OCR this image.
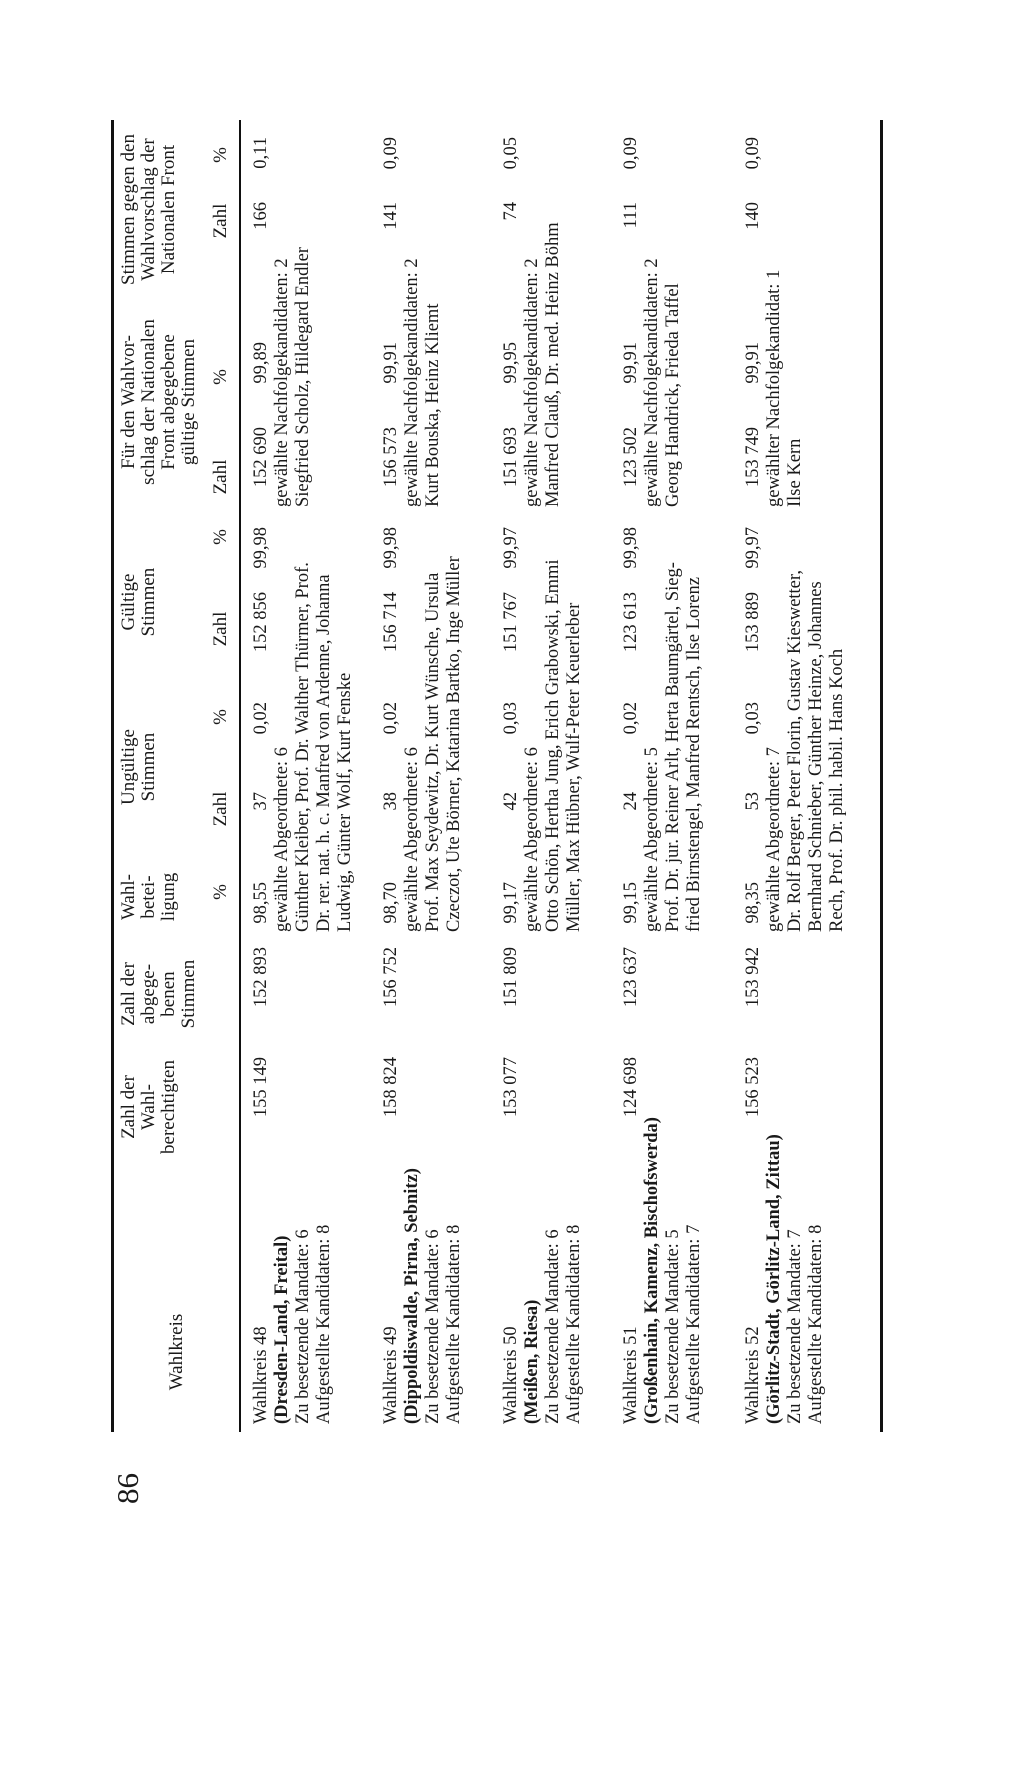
86
Wahlkreis
Zahl der
Wahl-
berechtigten
Zahl der
abgege-
benen
Stimmen
Wahl-
betei-
ligung %
Ungültige
Stimmen
Zahl
%
Gültige
Stimmen	Zahl
%
Für den Wahlvor-
schlag der Nationalen
Front abgegebene
gültige Stimmen
Zahl
%
Stimmen gegen den
Wahlvorschlag der
Nationalen Front
Zahl
%
Wahlkreis 48 (Dresden-Land, Freital) Zu besetzende Mandate: 6 Aufgestellte Kandidaten: 8
155 149
152 893
98,55
37
0,02
152 856
99,98
152 690
99,89
166
0,11
gewählte Abgeordnete: 6 Günther Kleiber, Prof. Dr. Walther Thürmer, Prof. Dr. rer. nat. h. c. Manfred von Ardenne, Johanna Ludwig, Günter Wolf, Kurt Fenske
gewählte Nachfolgekandidaten: 2 Siegfried Scholz, Hildegard Endler
Wahlkreis 49 (Dippoldiswalde, Pirna, Sebnitz) Zu besetzende Mandate: 6 Aufgestellte Kandidaten: 8
158 824
156 752
98,70
38
0,02
156 714
99,98
156 573
99,91
141
0,09
gewählte Abgeordnete: 6 Prof. Max Seydewitz, Dr. Kurt Wünsche, Ursula Czeczot, Ute Börner, Katarina Bartko, Inge Müller
gewählte Nachfolgekandidaten: 2 Kurt Bouska, Heinz Kliemt
Wahlkreis 50 (Meißen, Riesa) Zu besetzende Mandate: 6 Aufgestellte Kandidaten: 8
153 077
151 809
99,17
42
0,03
151 767
99,97
151 693
99,95
74
0,05
gewählte Abgeordnete: 6 Otto Schön, Hertha Jung, Erich Grabowski, Emmi Müller, Max Hübner, Wulf-Peter Keuerleber
gewählte Nachfolgekandidaten: 2 Manfred Clauß, Dr. med. Heinz Böhm
Wahlkreis 51 (Großenhain, Kamenz, Bischofswerda) Zu besetzende Mandate: 5 Aufgestellte Kandidaten: 7
124 698
123 637
99,15
24
0,02
123 613
99,98
123 502
99,91
111
0,09
gewählte Abgeordnete: 5 Prof. Dr. jur. Reiner Arlt, Herta Baumgärtel, Sieg- fried Birnstengel, Manfred Rentsch, Ilse Lorenz
gewählte Nachfolgekandidaten: 2 Georg Handrick, Frieda Taffel
Wahlkreis 52 (Görlitz-Stadt, Görlitz-Land, Zittau) Zu besetzende Mandate: 7 Aufgestellte Kandidaten: 8
156 523
153 942
98,35
53
0,03
153 889
99,97
153 749
99,91
140
0,09
gewählte Abgeordnete: 7 Dr. Rolf Berger, Peter Florin, Gustav Kieswetter, Bernhard Schnieber, Günther Heinze, Johannes Rech, Prof. Dr. phil. habil. Hans Koch
gewählter Nachfolgekandidat: 1 Ilse Kern
